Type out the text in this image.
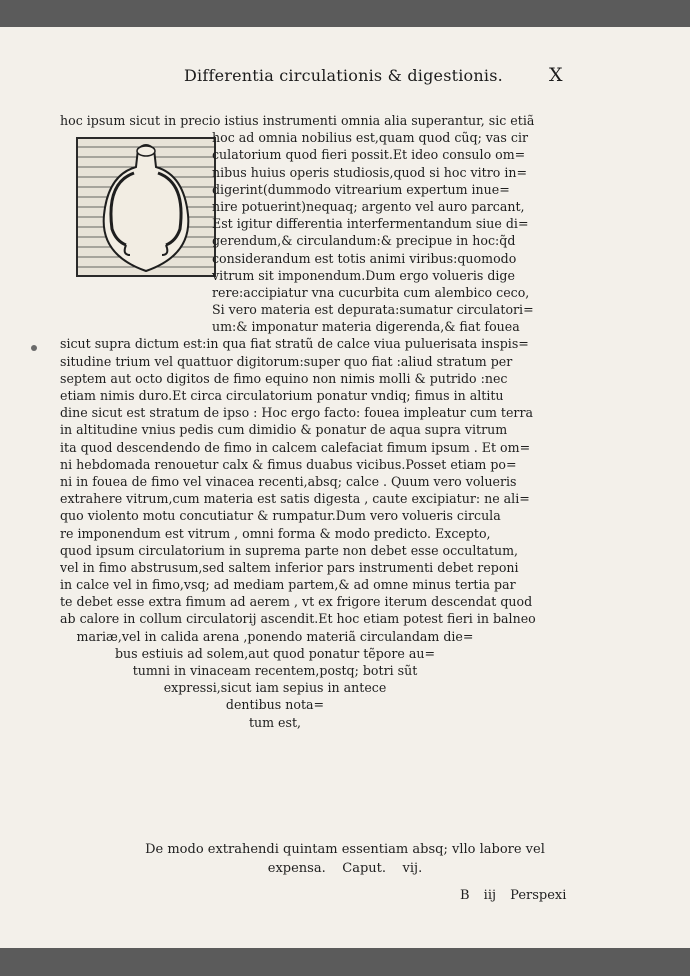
Differentia circulationis & digestionis. X
hoc ipsum sicut in precio istius instrumenti omnia alia superantur, sic etiã
hoc ad omnia nobilius est,quam quod cũq; vas cir
culatorium quod fieri possit.Et ideo consulo om=
nibus huius operis studiosis,quod si hoc vitro in=
digerint(dummodo vitrearium expertum inue=
nire potuerint)nequaq; argento vel auro parcant,
Est igitur differentia interfermentandum siue di=
gerendum,& circulandum:& precipue in hoc:q̃d
considerandum est totis animi viribus:quomodo
vitrum sit imponendum.Dum ergo volueris dige
rere:accipiatur vna cucurbita cum alembico ceco,
Si vero materia est depurata:sumatur circulatori=
um:& imponatur materia digerenda,& fiat fouea
sicut supra dictum est:in qua fiat stratũ de calce viua puluerisata inspis=
situdine trium vel quattuor digitorum:super quo fiat :aliud stratum per
septem aut octo digitos de fimo equino non nimis molli & putrido :nec
etiam nimis duro.Et circa circulatorium ponatur vndiq; fimus in altitu
dine sicut est stratum de ipso : Hoc ergo facto: fouea impleatur cum terra
in altitudine vnius pedis cum dimidio & ponatur de aqua supra vitrum
ita quod descendendo de fimo in calcem calefaciat fimum ipsum . Et om=
ni hebdomada renouetur calx & fimus duabus vicibus.Posset etiam po=
ni in fouea de fimo vel vinacea recenti,absq; calce . Quum vero volueris
extrahere vitrum,cum materia est satis digesta , caute excipiatur: ne ali=
quo violento motu concutiatur & rumpatur.Dum vero volueris circula
re imponendum est vitrum , omni forma & modo predicto. Excepto,
quod ipsum circulatorium in suprema parte non debet esse occultatum,
vel in fimo abstrusum,sed saltem inferior pars instrumenti debet reponi
in calce vel in fimo,vsq; ad mediam partem,& ad omne minus tertia par
te debet esse extra fimum ad aerem , vt ex frigore iterum descendat quod
ab calore in collum circulatorij ascendit.Et hoc etiam potest fieri in balneo
mariæ,vel in calida arena ,ponendo materiã circulandam die=
bus estiuis ad solem,aut quod ponatur tẽpore au=
tumni in vinaceam recentem,postq; botri sũt
expressi,sicut iam sepius in antece
dentibus nota=
tum est,
De modo extrahendi quintam essentiam absq; vllo labore vel
expensa.    Caput.    vij.
B iij Perspexi
